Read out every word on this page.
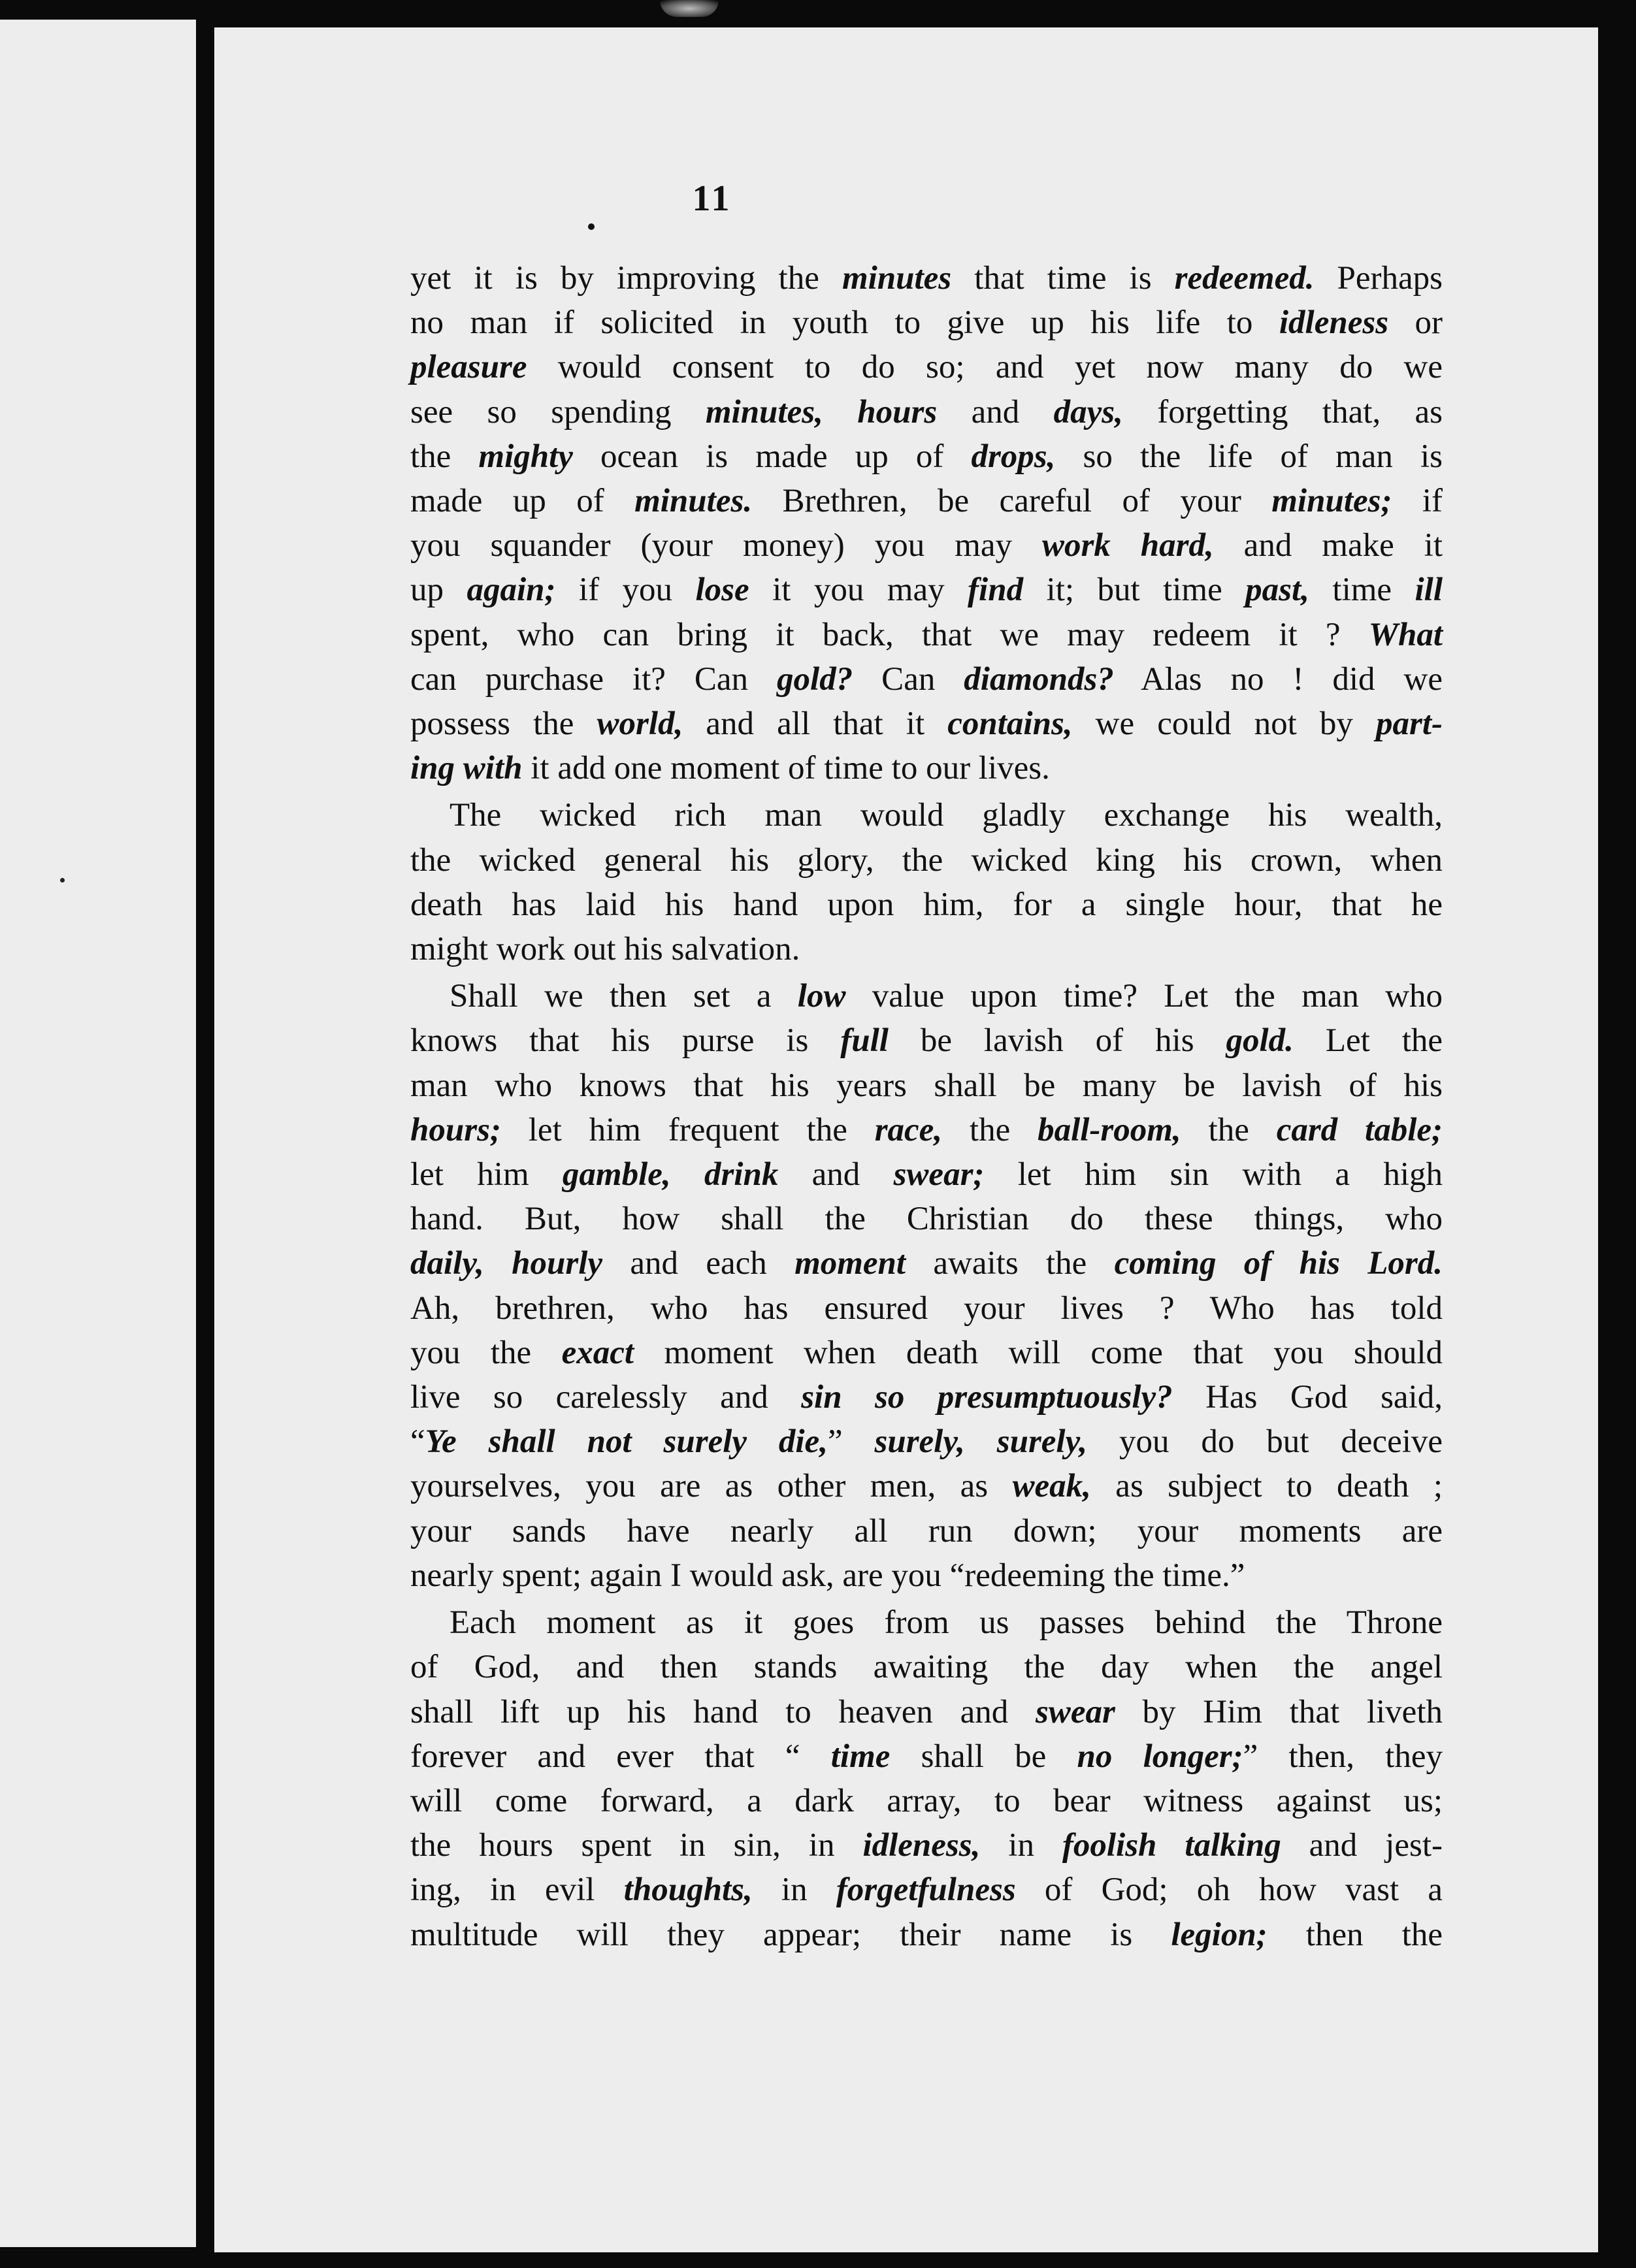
11
yet it is by improving the minutes that time is redeemed. Perhaps
no man if solicited in youth to give up his life to idleness or
pleasure would consent to do so; and yet now many do we
see so spending minutes, hours and days, forgetting that, as
the mighty ocean is made up of drops, so the life of man is
made up of minutes. Brethren, be careful of your minutes; if
you squander (your money) you may work hard, and make it
up again; if you lose it you may find it; but time past, time ill
spent, who can bring it back, that we may redeem it ? What
can purchase it? Can gold? Can diamonds? Alas no ! did we
possess the world, and all that it contains, we could not by part-
ing with it add one moment of time to our lives.
The wicked rich man would gladly exchange his wealth,
the wicked general his glory, the wicked king his crown, when
death has laid his hand upon him, for a single hour, that he
might work out his salvation.
Shall we then set a low value upon time? Let the man who
knows that his purse is full be lavish of his gold. Let the
man who knows that his years shall be many be lavish of his
hours; let him frequent the race, the ball-room, the card table;
let him gamble, drink and swear; let him sin with a high
hand. But, how shall the Christian do these things, who
daily, hourly and each moment awaits the coming of his Lord.
Ah, brethren, who has ensured your lives ? Who has told
you the exact moment when death will come that you should
live so carelessly and sin so presumptuously? Has God said,
“Ye shall not surely die,” surely, surely, you do but deceive
yourselves, you are as other men, as weak, as subject to death ;
your sands have nearly all run down; your moments are
nearly spent; again I would ask, are you “redeeming the time.”
Each moment as it goes from us passes behind the Throne
of God, and then stands awaiting the day when the angel
shall lift up his hand to heaven and swear by Him that liveth
forever and ever that “ time shall be no longer;” then, they
will come forward, a dark array, to bear witness against us;
the hours spent in sin, in idleness, in foolish talking and jest-
ing, in evil thoughts, in forgetfulness of God; oh how vast a
multitude will they appear; their name is legion; then the
